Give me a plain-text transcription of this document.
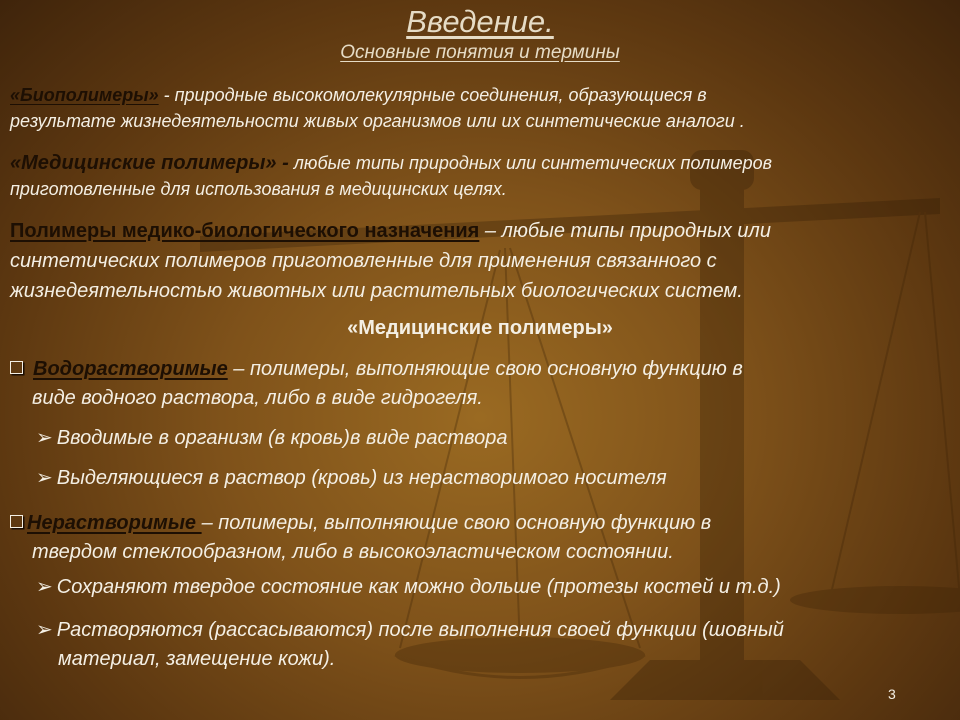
Введение.
Основные понятия и термины
«Биополимеры» - природные высокомолекулярные соединения, образующиеся в
результате жизнедеятельности живых организмов или их синтетические аналоги .
«Медицинские полимеры» - любые типы природных или синтетических полимеров
приготовленные для использования в медицинских целях.
Полимеры медико-биологического назначения – любые типы природных или
синтетических полимеров приготовленные для применения связанного с
жизнедеятельностью животных или растительных биологических систем.
«Медицинские полимеры»
Водорастворимые – полимеры, выполняющие свою основную функцию в
виде водного раствора, либо в виде гидрогеля.
➢ Вводимые в организм (в кровь)в виде раствора
➢ Выделяющиеся в раствор (кровь) из нерастворимого носителя
Нерастворимые – полимеры, выполняющие свою основную функцию в
твердом стеклообразном, либо в высокоэластическом состоянии.
➢ Сохраняют твердое состояние как можно дольше (протезы костей и т.д.)
➢ Растворяются (рассасываются) после выполнения своей функции (шовный
материал, замещение кожи).
3
